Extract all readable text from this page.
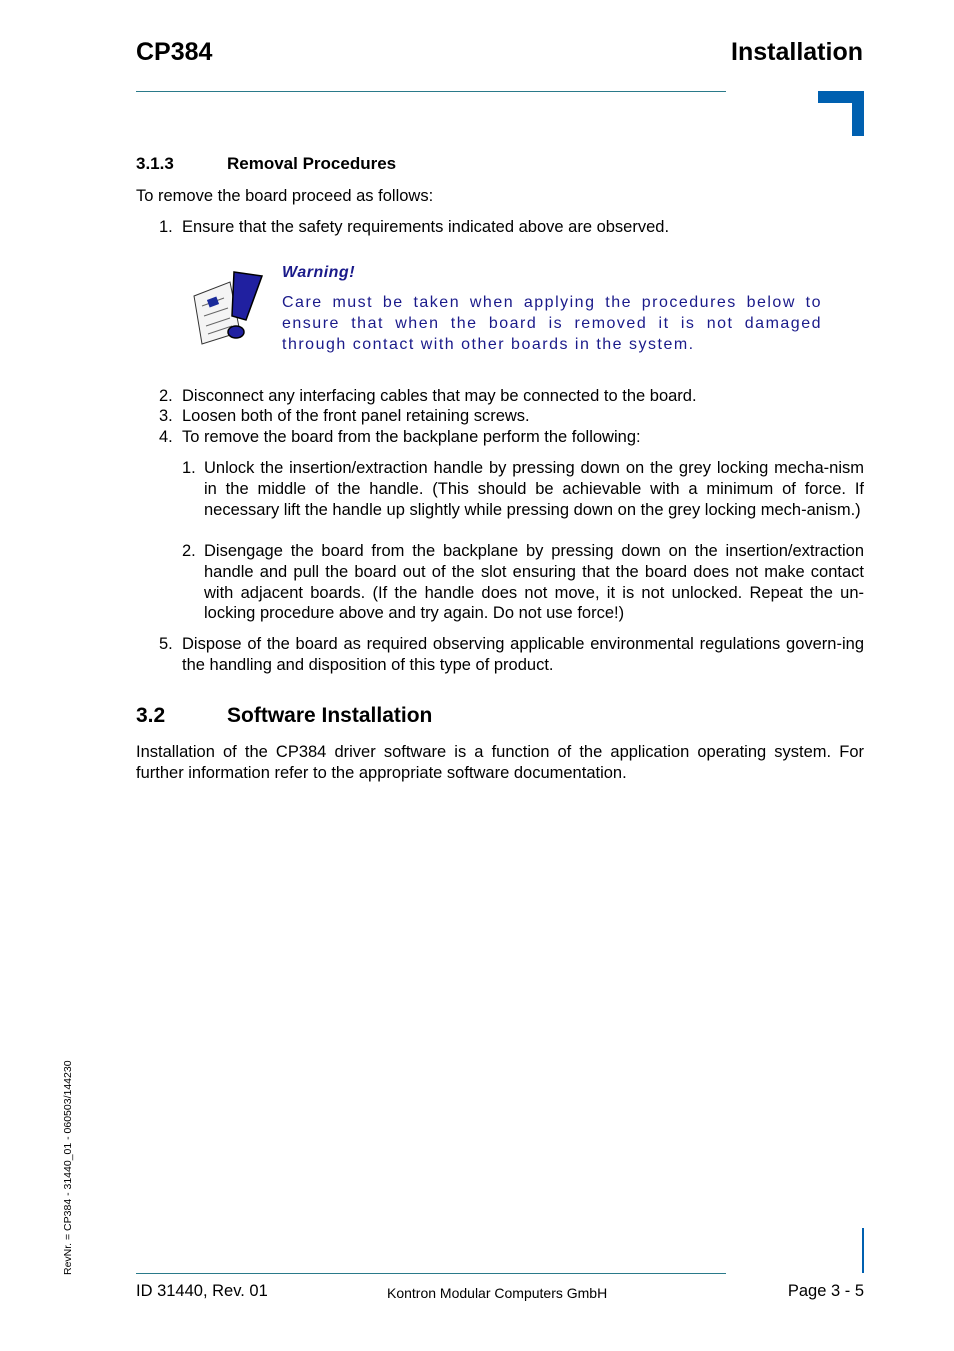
CP384	Installation
3.1.3	Removal Procedures
To remove the board proceed as follows:
1. Ensure that the safety requirements indicated above are observed.
Warning!
Care must be taken when applying the procedures below to ensure that when the board is removed it is not damaged through contact with other boards in the system.
2. Disconnect any interfacing cables that may be connected to the board.
3. Loosen both of the front panel retaining screws.
4. To remove the board from the backplane perform the following:
1. Unlock the insertion/extraction handle by pressing down on the grey locking mecha-nism in the middle of the handle. (This should be achievable with a minimum of force. If necessary lift the handle up slightly while pressing down on the grey locking mech-anism.)
2. Disengage the board from the backplane by pressing down on the insertion/extraction handle and pull the board out of the slot ensuring that the board does not make contact with adjacent boards. (If the handle does not move, it is not unlocked. Repeat the un-locking procedure above and try again. Do not use force!)
5. Dispose of the board as required observing applicable environmental regulations govern-ing the handling and disposition of this type of product.
3.2	Software Installation
Installation of the CP384 driver software is a function of the application operating system. For further information refer to the appropriate software documentation.
RevNr. = CP384 - 31440_01 - 060503/144230
ID 31440, Rev. 01	Kontron Modular Computers GmbH	Page 3 - 5
